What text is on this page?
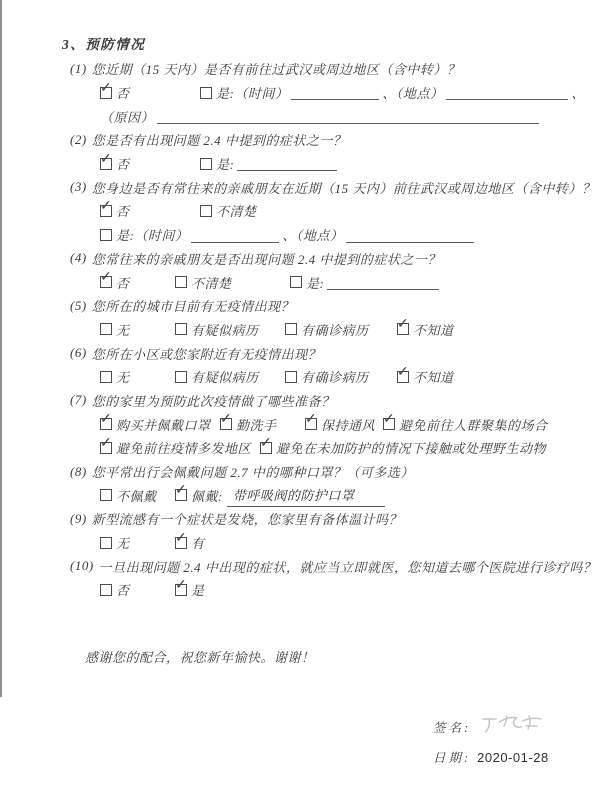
3、预防情况
(1) 您近期（15 天内）是否有前往过武汉或周边地区（含中转）？
✓
否	是:（时间）	、（地点）	、
（原因）
(2) 您是否有出现问题 2.4 中提到的症状之一？
✓
否	是:
(3) 您身边是否有常往来的亲戚朋友在近期（15 天内）前往武汉或周边地区（含中转）？
✓
否	不清楚
是:（时间）	、（地点）
(4) 您常往来的亲戚朋友是否出现问题 2.4 中提到的症状之一？
✓
否	不清楚	是:
(5) 您所在的城市目前有无疫情出现？
无	有疑似病历	有确诊病历 ✓	不知道
(6) 您所在小区或您家附近有无疫情出现？
无	有疑似病历	有确诊病历 ✓	不知道
(7) 您的家里为预防此次疫情做了哪些准备？
✓
购买并佩戴口罩 ✓ 勤洗手 ✓	保持通风 ✓ 避免前往人群聚集的场合
✓
避免前往疫情多发地区 ✓ 避免在未加防护的情况下接触或处理野生动物
(8) 您平常出行会佩戴问题 2.7 中的哪种口罩？（可多选）
不佩戴 ✓	佩戴: 带呼吸阀的防护口罩
(9) 新型流感有一个症状是发烧，您家里有备体温计吗？
无 ✓	有
(10) 一旦出现问题 2.4 中出现的症状，就应当立即就医，您知道去哪个医院进行诊疗吗？
否 ✓	是
感谢您的配合，祝您新年愉快。谢谢！
签名:
日期: 2020-01-28
